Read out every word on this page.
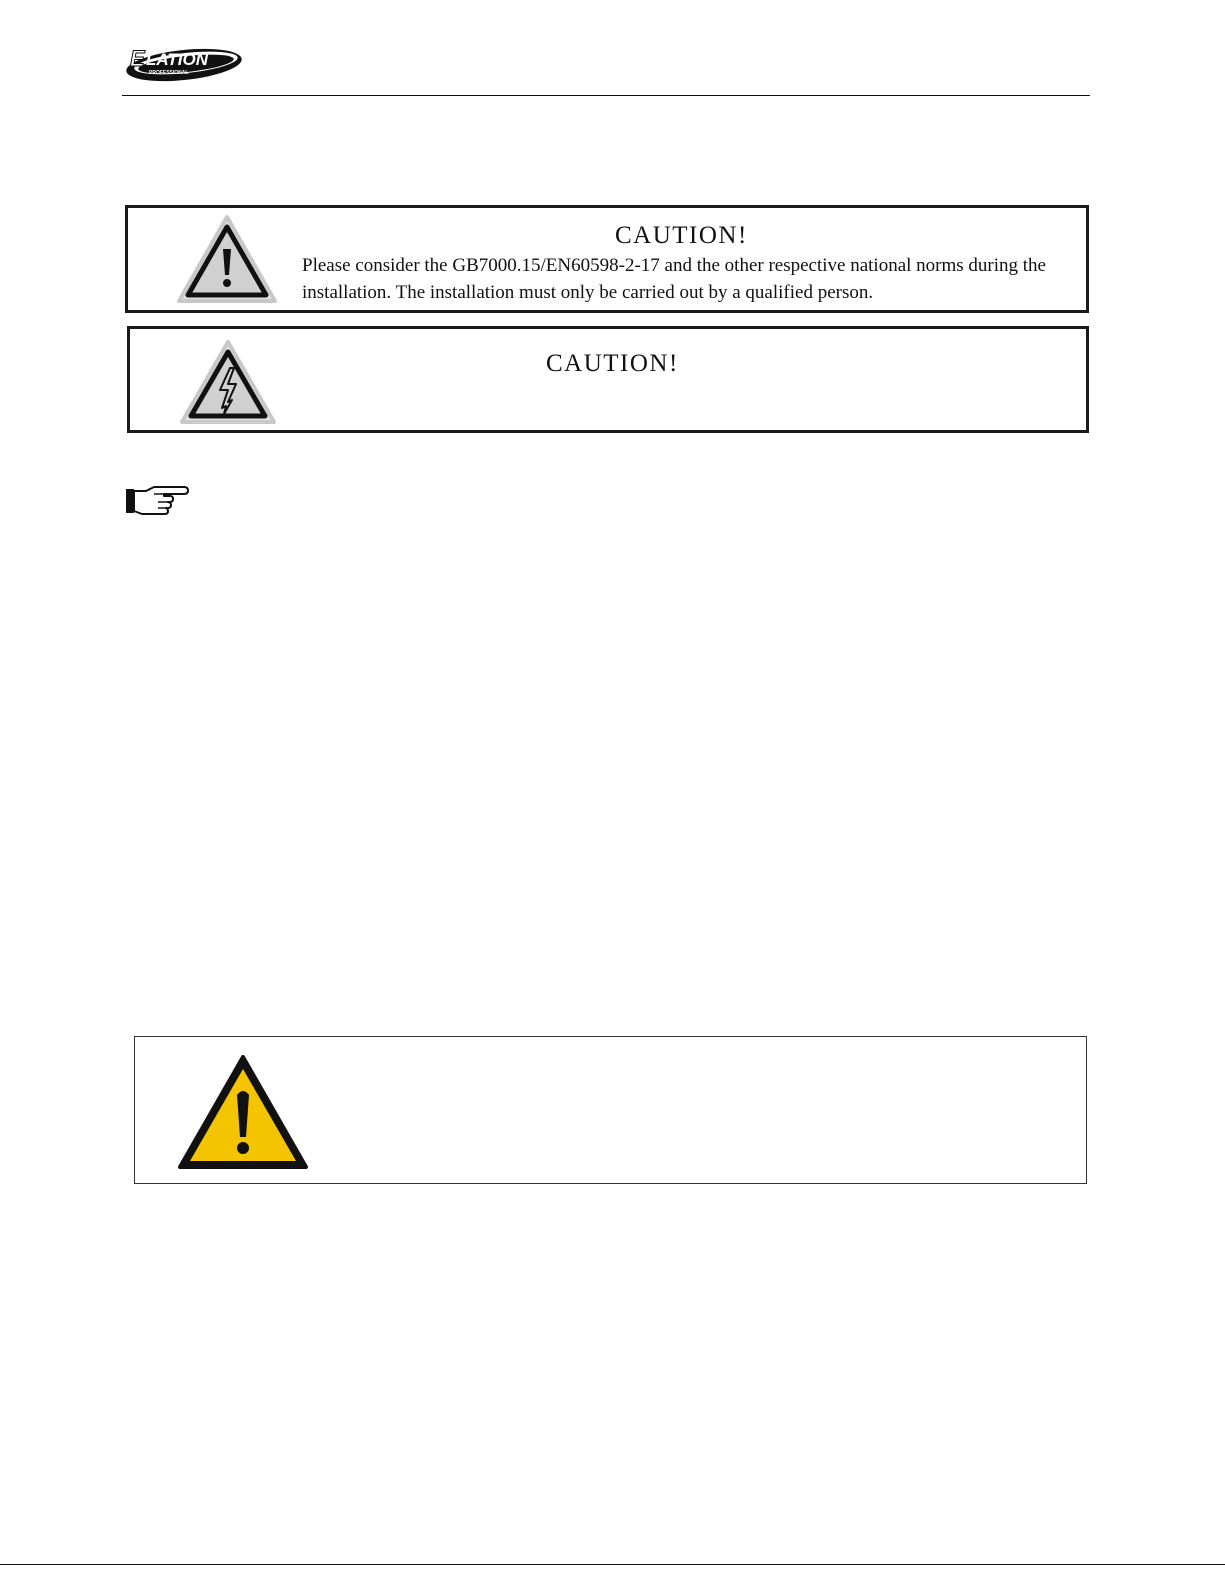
E LATION
PROFESSIONAL
CAUTION!
Please consider the GB7000.15/EN60598-2-17 and the other respective national norms during the installation. The installation must only be carried out by a qualified person.
CAUTION!
